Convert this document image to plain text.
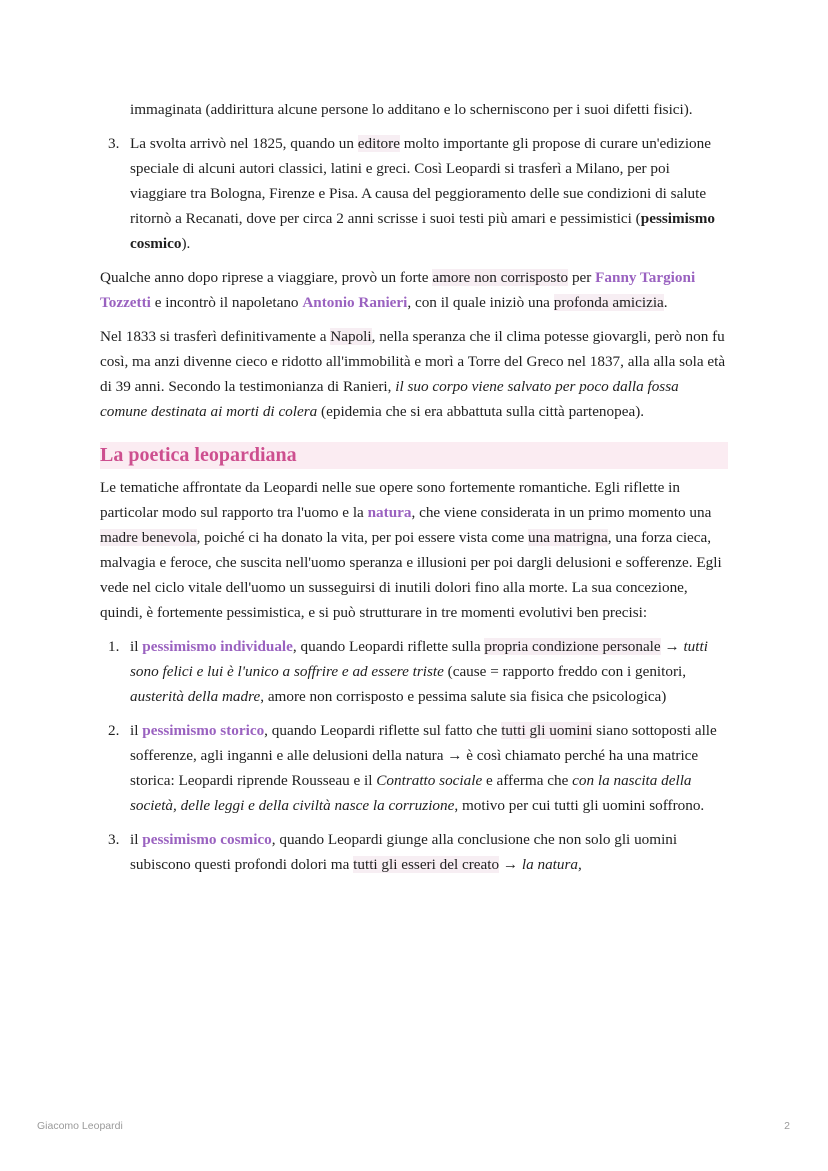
immaginata (addirittura alcune persone lo additano e lo scherniscono per i suoi difetti fisici).
3. La svolta arrivò nel 1825, quando un editore molto importante gli propose di curare un'edizione speciale di alcuni autori classici, latini e greci. Così Leopardi si trasferì a Milano, per poi viaggiare tra Bologna, Firenze e Pisa. A causa del peggioramento delle sue condizioni di salute ritornò a Recanati, dove per circa 2 anni scrisse i suoi testi più amari e pessimistici (pessimismo cosmico).

Qualche anno dopo riprese a viaggiare, provò un forte amore non corrisposto per Fanny Targioni Tozzetti e incontrò il napoletano Antonio Ranieri, con il quale iniziò una profonda amicizia.

Nel 1833 si trasferì definitivamente a Napoli, nella speranza che il clima potesse giovargli, però non fu così, ma anzi divenne cieco e ridotto all'immobilità e morì a Torre del Greco nel 1837, alla alla sola età di 39 anni. Secondo la testimonianza di Ranieri, il suo corpo viene salvato per poco dalla fossa comune destinata ai morti di colera (epidemia che si era abbattuta sulla città partenopea).

La poetica leopardiana

Le tematiche affrontate da Leopardi nelle sue opere sono fortemente romantiche. Egli riflette in particolar modo sul rapporto tra l'uomo e la natura, che viene considerata in un primo momento una madre benevola, poiché ci ha donato la vita, per poi essere vista come una matrigna, una forza cieca, malvagia e feroce, che suscita nell'uomo speranza e illusioni per poi dargli delusioni e sofferenze. Egli vede nel ciclo vitale dell'uomo un susseguirsi di inutili dolori fino alla morte. La sua concezione, quindi, è fortemente pessimistica, e si può strutturare in tre momenti evolutivi ben precisi:

1. il pessimismo individuale, quando Leopardi riflette sulla propria condizione personale → tutti sono felici e lui è l'unico a soffrire e ad essere triste (cause = rapporto freddo con i genitori, austerità della madre, amore non corrisposto e pessima salute sia fisica che psicologica)
2. il pessimismo storico, quando Leopardi riflette sul fatto che tutti gli uomini siano sottoposti alle sofferenze, agli inganni e alle delusioni della natura → è così chiamato perché ha una matrice storica: Leopardi riprende Rousseau e il Contratto sociale e afferma che con la nascita della società, delle leggi e della civiltà nasce la corruzione, motivo per cui tutti gli uomini soffrono.
3. il pessimismo cosmico, quando Leopardi giunge alla conclusione che non solo gli uomini subiscono questi profondi dolori ma tutti gli esseri del creato → la natura,
Giacomo Leopardi	2
